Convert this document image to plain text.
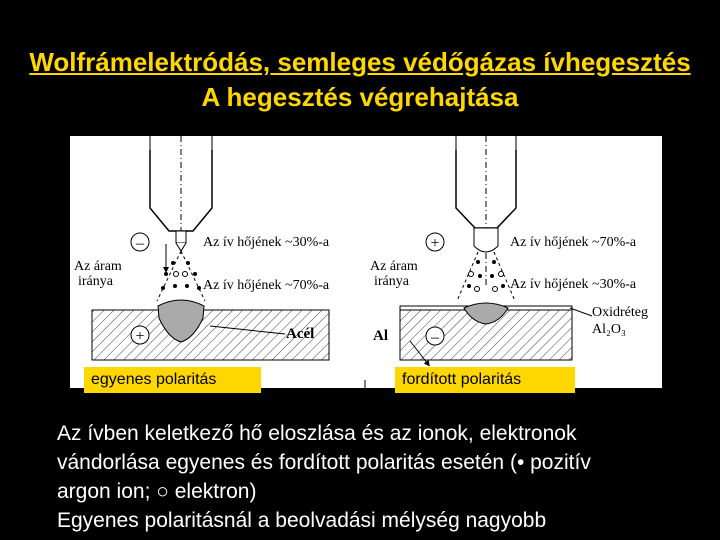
Wolfrámelektródás, semleges védőgázas ívhegesztés
A hegesztés végrehajtása
–
+
Az ív hőjének ~30%-a
Az ív hőjének ~70%-a
Az áram
iránya
Acél
+
–
Az ív hőjének ~70%-a
Az ív hőjének ~30%-a
Az áram
iránya
Oxidréteg
Al₂O₃
Al
egyenes polaritás	fordított polaritás
Az ívben keletkező hő eloszlása és az ionok, elektronok
vándorlása egyenes és fordított polaritás esetén (• pozitív
argon ion; ○ elektron)
Egyenes polaritásnál a beolvadási mélység nagyobb
